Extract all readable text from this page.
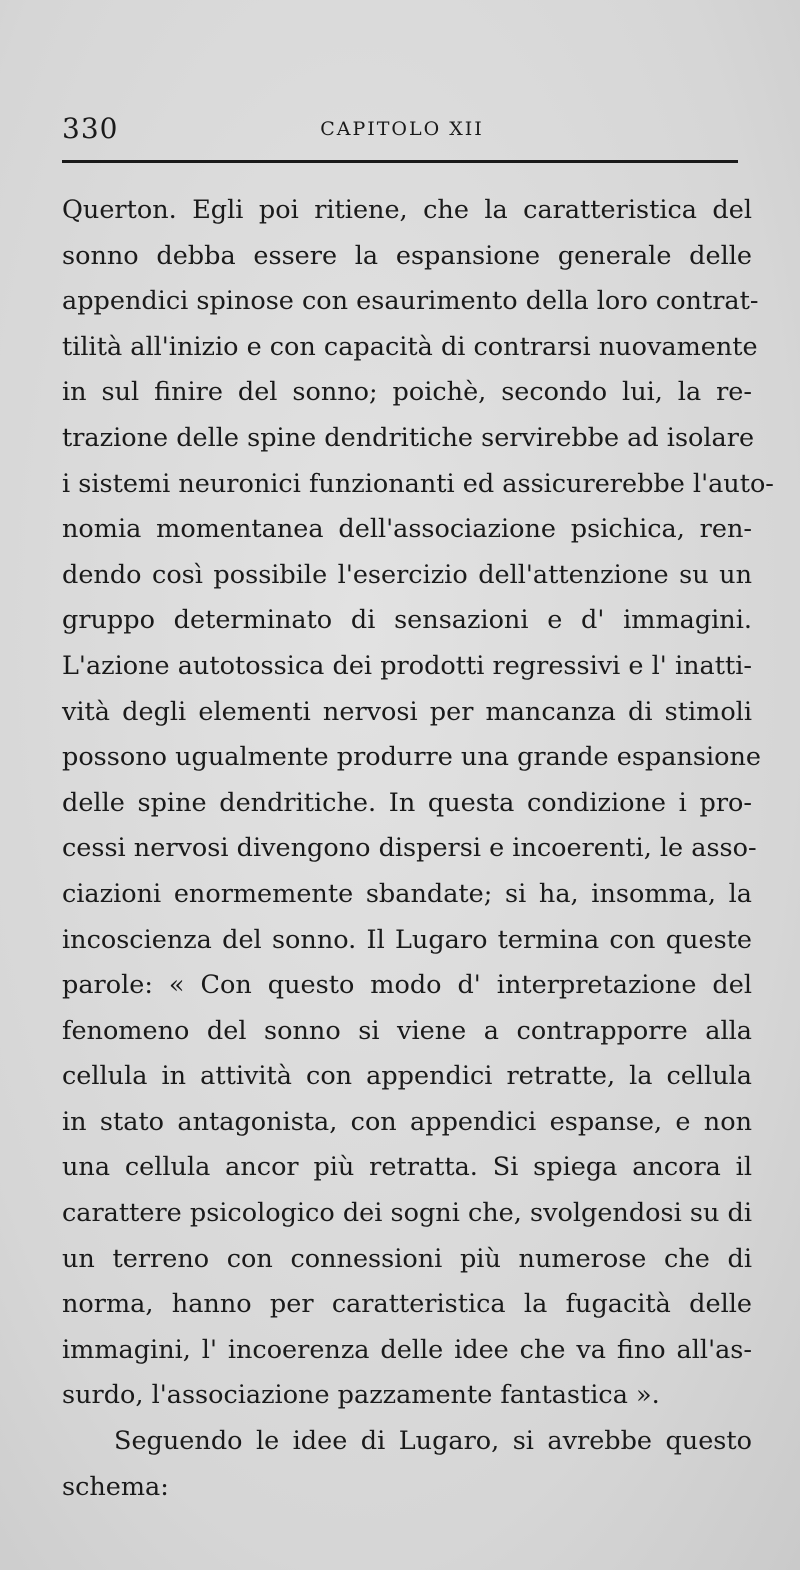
330	CAPITOLO XII
Querton. Egli poi ritiene, che la caratteristica del
sonno debba essere la espansione generale delle
appendici spinose con esaurimento della loro contrat-
tilità all'inizio e con capacità di contrarsi nuovamente
in sul finire del sonno; poichè, secondo lui, la re-
trazione delle spine dendritiche servirebbe ad isolare
i sistemi neuronici funzionanti ed assicurerebbe l'auto-
nomia momentanea dell'associazione psichica, ren-
dendo così possibile l'esercizio dell'attenzione su un
gruppo determinato di sensazioni e d' immagini.
L'azione autotossica dei prodotti regressivi e l' inatti-
vità degli elementi nervosi per mancanza di stimoli
possono ugualmente produrre una grande espansione
delle spine dendritiche. In questa condizione i pro-
cessi nervosi divengono dispersi e incoerenti, le asso-
ciazioni enormemente sbandate; si ha, insomma, la
incoscienza del sonno. Il Lugaro termina con queste
parole: « Con questo modo d' interpretazione del
fenomeno del sonno si viene a contrapporre alla
cellula in attività con appendici retratte, la cellula
in stato antagonista, con appendici espanse, e non
una cellula ancor più retratta. Si spiega ancora il
carattere psicologico dei sogni che, svolgendosi su di
un terreno con connessioni più numerose che di
norma, hanno per caratteristica la fugacità delle
immagini, l' incoerenza delle idee che va fino all'as-
surdo, l'associazione pazzamente fantastica ».
Seguendo le idee di Lugaro, si avrebbe questo
schema:
